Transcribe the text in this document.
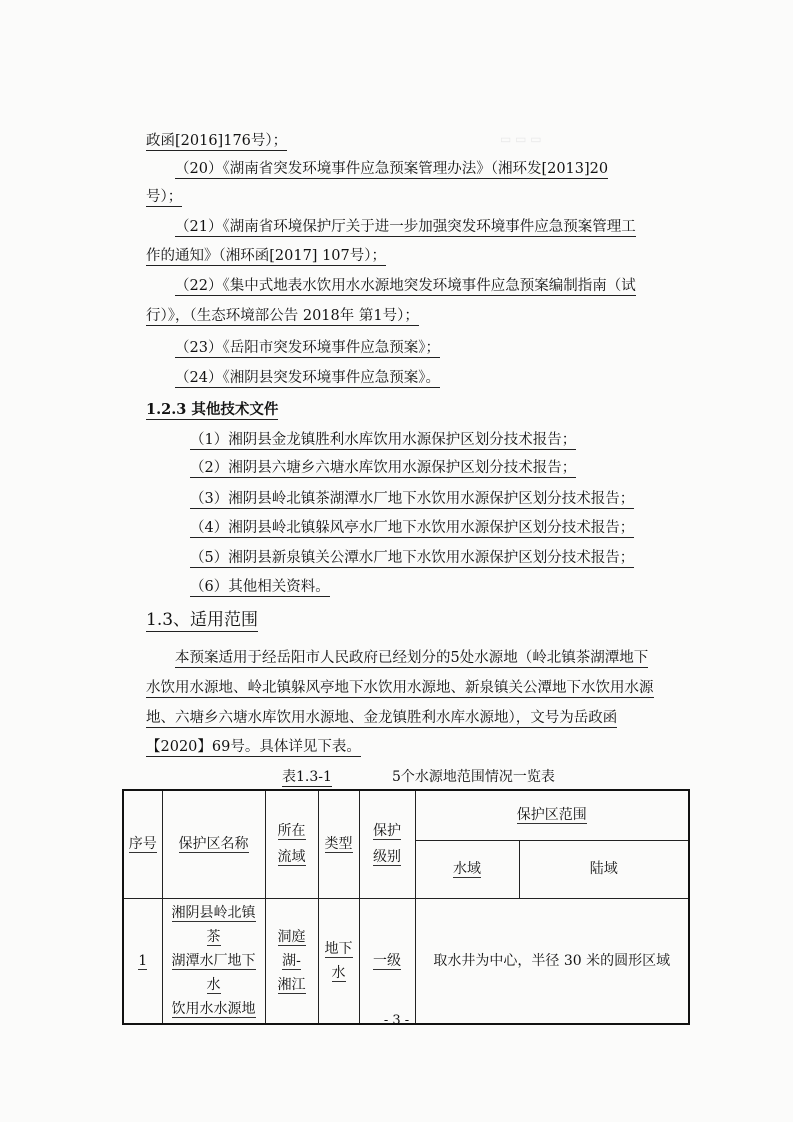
▭ ▭ ▭
政函[2016]176号）；
（20）《湖南省突发环境事件应急预案管理办法》（湘环发[2013]20
号）；
（21）《湖南省环境保护厅关于进一步加强突发环境事件应急预案管理工
作的通知》（湘环函[2017] 107号）；
（22）《集中式地表水饮用水水源地突发环境事件应急预案编制指南（试
行）》，（生态环境部公告 2018年 第1号）；
（23）《岳阳市突发环境事件应急预案》；
（24）《湘阴县突发环境事件应急预案》。
1.2.3 其他技术文件
（1）湘阴县金龙镇胜利水库饮用水源保护区划分技术报告；
（2）湘阴县六塘乡六塘水库饮用水源保护区划分技术报告；
（3）湘阴县岭北镇茶湖潭水厂地下水饮用水源保护区划分技术报告；
（4）湘阴县岭北镇躲风亭水厂地下水饮用水源保护区划分技术报告；
（5）湘阴县新泉镇关公潭水厂地下水饮用水源保护区划分技术报告；
（6）其他相关资料。
1.3、适用范围
本预案适用于经岳阳市人民政府已经划分的5处水源地（岭北镇茶湖潭地下
水饮用水源地、岭北镇躲风亭地下水饮用水源地、新泉镇关公潭地下水饮用水源
地、六塘乡六塘水库饮用水源地、金龙镇胜利水库水源地），文号为岳政函
【2020】69号。具体详见下表。
表1.3-1	5个水源地范围情况一览表
序号	保护区名称	所在
流域	类型	保护
级别	保护区范围	
					水域	陆域
1	湘阴县岭北镇茶
湖潭水厂地下水
饮用水水源地	洞庭湖-
湘江	地下
水	一级	取水井为中心，半径 30 米的圆形区域	
- 3 -
